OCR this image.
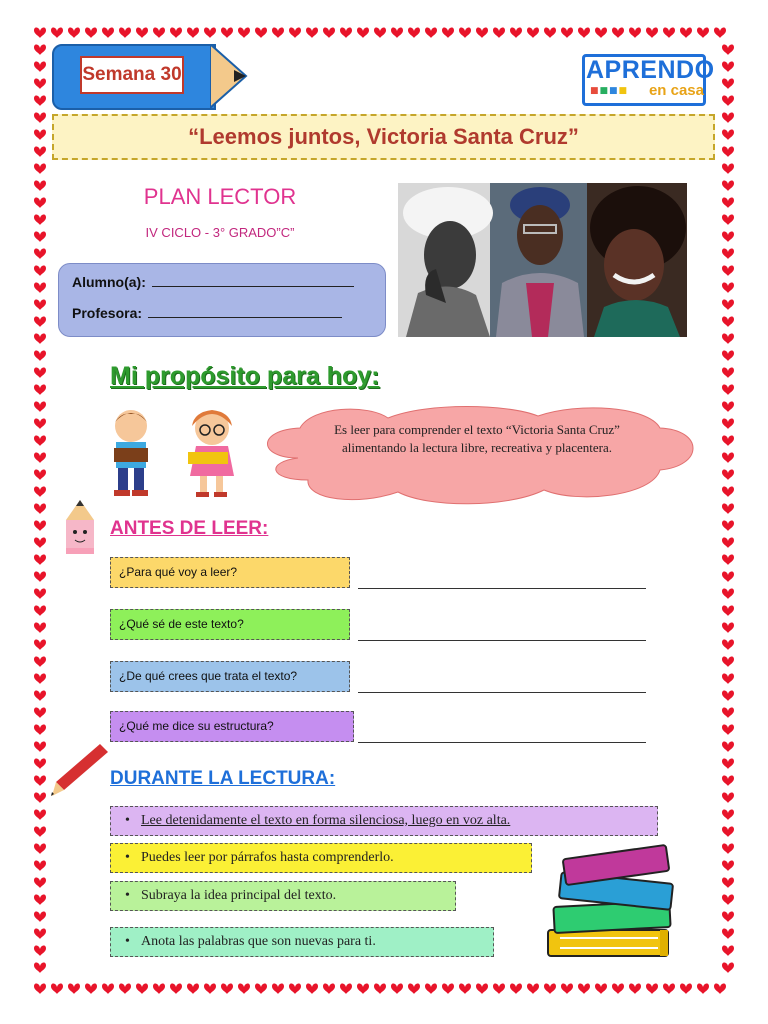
Semana 30	APRENDO
■■■■	en casa
“Leemos juntos, Victoria Santa Cruz”
PLAN LECTOR
IV CICLO - 3° GRADO”C”
Alumno(a):
Profesora:
Mi propósito para hoy:
Es leer para comprender el texto “Victoria Santa Cruz” alimentando la lectura libre, recreativa y placentera.
ANTES DE LEER:
¿Para qué voy a leer?
¿Qué sé de este texto?
¿De qué crees que trata el texto?
¿Qué me dice su estructura?
DURANTE LA LECTURA:
• Lee detenidamente el texto en forma silenciosa, luego en voz alta.
• Puedes leer por párrafos hasta comprenderlo.
• Subraya la idea principal del texto.
• Anota las palabras que son nuevas para ti.
